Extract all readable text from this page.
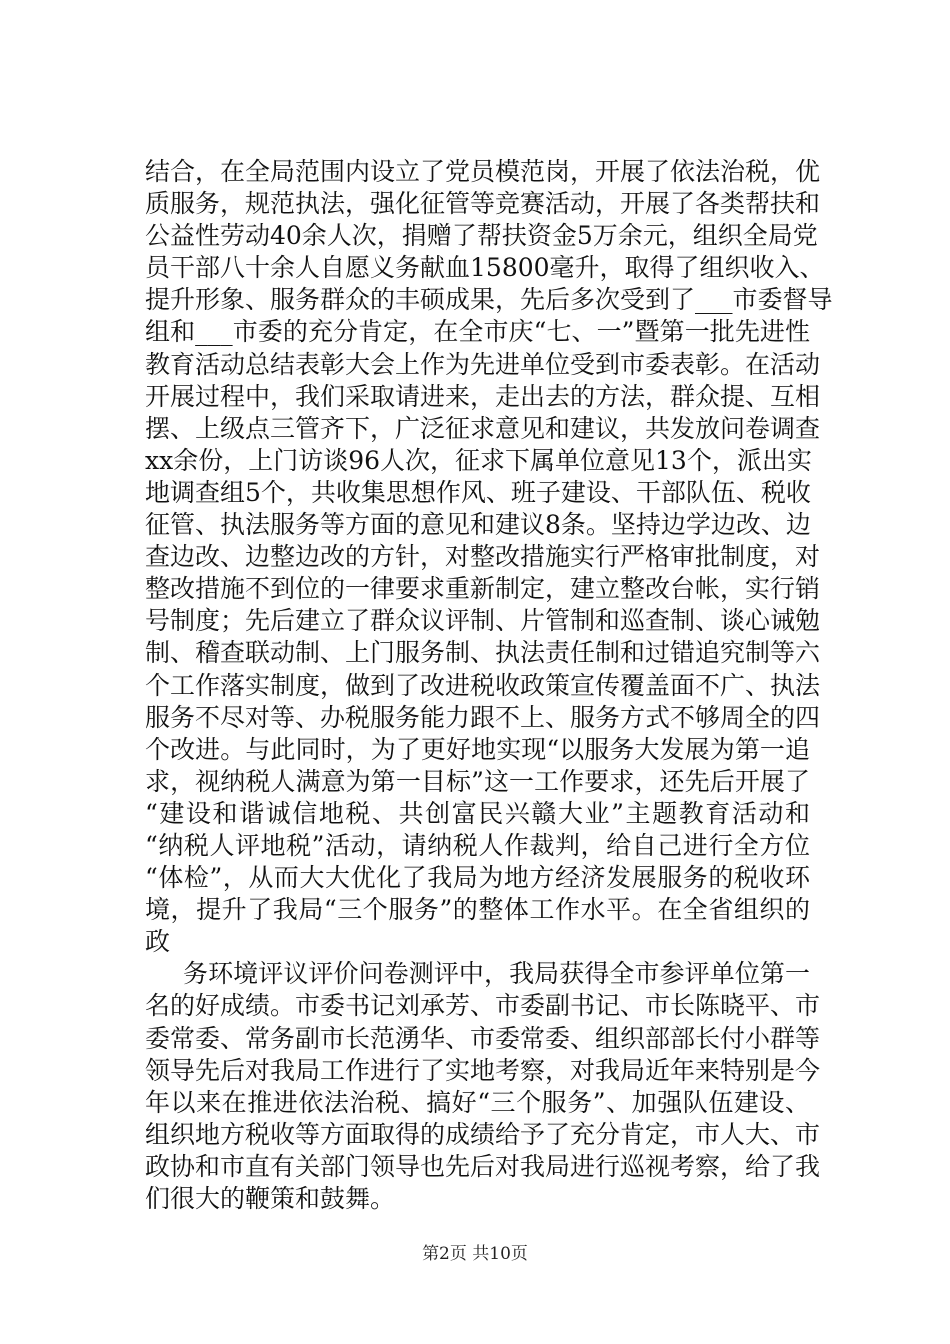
结合，在全局范围内设立了党员模范岗，开展了依法治税，优
质服务，规范执法，强化征管等竞赛活动，开展了各类帮扶和
公益性劳动40余人次，捐赠了帮扶资金5万余元，组织全局党
员干部八十余人自愿义务献血15800毫升，取得了组织收入、
提升形象、服务群众的丰硕成果，先后多次受到了___市委督导
组和___市委的充分肯定，在全市庆“七、一”暨第一批先进性
教育活动总结表彰大会上作为先进单位受到市委表彰。在活动
开展过程中，我们采取请进来，走出去的方法，群众提、互相
摆、上级点三管齐下，广泛征求意见和建议，共发放问卷调查
xx余份，上门访谈96人次，征求下属单位意见13个，派出实
地调查组5个，共收集思想作风、班子建设、干部队伍、税收
征管、执法服务等方面的意见和建议8条。坚持边学边改、边
查边改、边整边改的方针，对整改措施实行严格审批制度，对
整改措施不到位的一律要求重新制定，建立整改台帐，实行销
号制度；先后建立了群众议评制、片管制和巡查制、谈心诫勉
制、稽查联动制、上门服务制、执法责任制和过错追究制等六
个工作落实制度，做到了改进税收政策宣传覆盖面不广、执法
服务不尽对等、办税服务能力跟不上、服务方式不够周全的四
个改进。与此同时，为了更好地实现“以服务大发展为第一追
求，视纳税人满意为第一目标”这一工作要求，还先后开展了
“建设和谐诚信地税、共创富民兴赣大业”主题教育活动和
“纳税人评地税”活动，请纳税人作裁判，给自己进行全方位
“体检”，从而大大优化了我局为地方经济发展服务的税收环
境，提升了我局“三个服务”的整体工作水平。在全省组织的
政
务环境评议评价问卷测评中，我局获得全市参评单位第一
名的好成绩。市委书记刘承芳、市委副书记、市长陈晓平、市
委常委、常务副市长范湧华、市委常委、组织部部长付小群等
领导先后对我局工作进行了实地考察，对我局近年来特别是今
年以来在推进依法治税、搞好“三个服务”、加强队伍建设、
组织地方税收等方面取得的成绩给予了充分肯定，市人大、市
政协和市直有关部门领导也先后对我局进行巡视考察，给了我
们很大的鞭策和鼓舞。
第2页 共10页
